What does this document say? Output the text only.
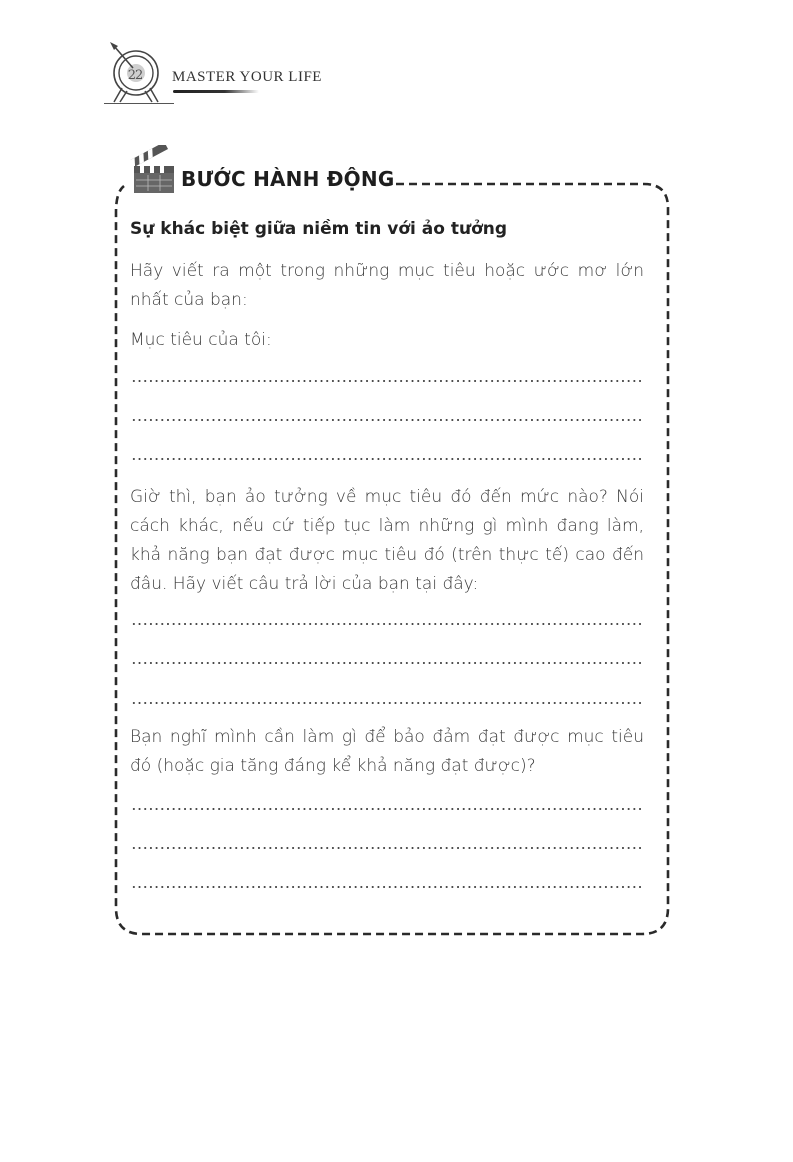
22	MASTER YOUR LIFE
BƯỚC HÀNH ĐỘNG
Sự khác biệt giữa niềm tin với ảo tưởng
Hãy viết ra một trong những mục tiêu hoặc ước mơ lớn nhất của bạn:
Mục tiêu của tôi:
Giờ thì, bạn ảo tưởng về mục tiêu đó đến mức nào? Nói cách khác, nếu cứ tiếp tục làm những gì mình đang làm, khả năng bạn đạt được mục tiêu đó (trên thực tế) cao đến đâu. Hãy viết câu trả lời của bạn tại đây:
Bạn nghĩ mình cần làm gì để bảo đảm đạt được mục tiêu đó (hoặc gia tăng đáng kể khả năng đạt được)?
